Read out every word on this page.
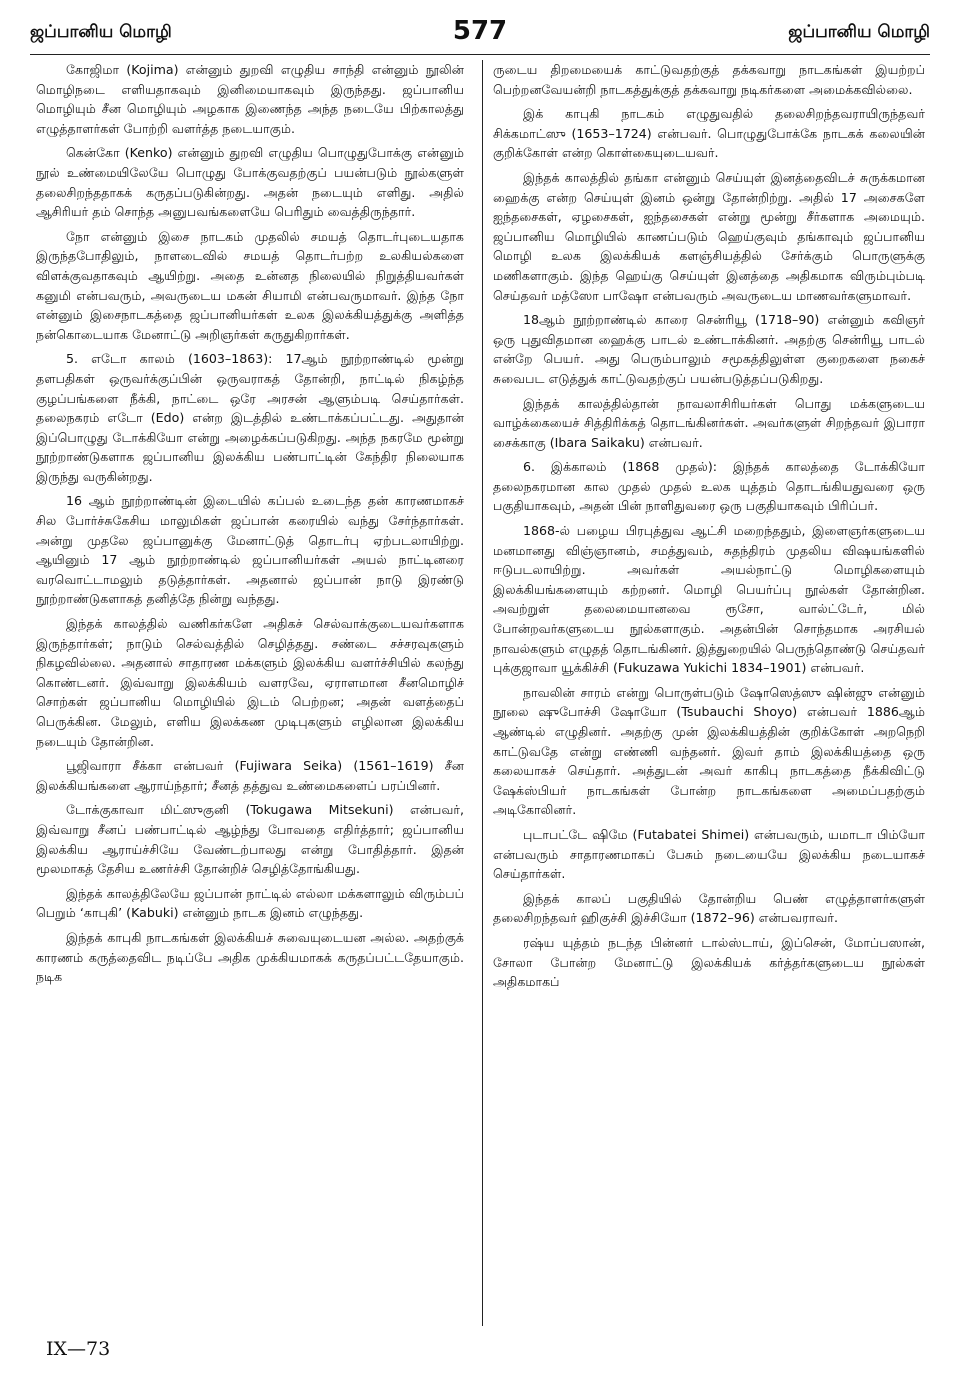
ஜப்பானிய மொழி	577	ஜப்பானிய மொழி

கோஜிமா (Kojima) என்னும் துறவி எழுதிய சாந்தி என்னும் நூலின் மொழிநடை எளியதாகவும் இனிமையாகவும் இருந்தது. ஜப்பானிய மொழியும் சீன மொழியும் அழகாக இணைந்த அந்த நடையே பிற்காலத்து எழுத்தாளர்கள் போற்றி வளர்த்த நடையாகும்.

கென்கோ (Kenko) என்னும் துறவி எழுதிய பொழுதுபோக்கு என்னும் நூல் உண்மையிலேயே பொழுது போக்குவதற்குப் பயன்படும் நூல்களுள் தலைசிறந்ததாகக் கருதப்படுகின்றது. அதன் நடையும் எளிது. அதில் ஆசிரியர் தம் சொந்த அனுபவங்களையே பெரிதும் வைத்திருந்தார்.

நோ என்னும் இசை நாடகம் முதலில் சமயத் தொடர்புடையதாக இருந்தபோதிலும், நாளடைவில் சமயத் தொடர்பற்ற உலகியல்களை விளக்குவதாகவும் ஆயிற்று. அதை உன்னத நிலையில் நிறுத்தியவர்கள் கனுமி என்பவரும், அவருடைய மகன் சியாமி என்பவருமாவர். இந்த நோ என்னும் இசைநாடகத்தை ஜப்பானியர்கள் உலக இலக்கியத்துக்கு அளித்த நன்கொடையாக மேனாட்டு அறிஞர்கள் கருதுகிறார்கள்.

5. எடோ காலம் (1603–1863): 17ஆம் நூற்றாண்டில் மூன்று தளபதிகள் ஒருவர்க்குப்பின் ஒருவராகத் தோன்றி, நாட்டில் நிகழ்ந்த குழப்பங்களை நீக்கி, நாட்டை ஒரே அரசன் ஆளும்படி செய்தார்கள். தலைநகரம் எடோ (Edo) என்ற இடத்தில் உண்டாக்கப்பட்டது. அதுதான் இப்பொழுது டோக்கியோ என்று அழைக்கப்படுகிறது. அந்த நகரமே மூன்று நூற்றாண்டுகளாக ஜப்பானிய இலக்கிய பண்பாட்டின் கேந்திர நிலையாக இருந்து வருகின்றது.

16 ஆம் நூற்றாண்டின் இடையில் கப்பல் உடைந்த தன் காரணமாகச் சில போர்ச்சுகேசிய மாலுமிகள் ஜப்பான் கரையில் வந்து சேர்ந்தார்கள். அன்று முதலே ஜப்பானுக்கு மேனாட்டுத் தொடர்பு ஏற்படலாயிற்று. ஆயினும் 17 ஆம் நூற்றாண்டில் ஜப்பானியர்கள் அயல் நாட்டினரை வரவொட்டாமலும் தடுத்தார்கள். அதனால் ஜப்பான் நாடு இரண்டு நூற்றாண்டுகளாகத் தனித்தே நின்று வந்தது.

இந்தக் காலத்தில் வணிகர்களே அதிகச் செல்வாக்குடையவர்களாக இருந்தார்கள்; நாடும் செல்வத்தில் செழித்தது. சண்டை சச்சரவுகளும் நிகழவில்லை. அதனால் சாதாரண மக்களும் இலக்கிய வளர்ச்சியில் கலந்து கொண்டனர். இவ்வாறு இலக்கியம் வளரவே, ஏராளமான சீனமொழிச் சொற்கள் ஜப்பானிய மொழியில் இடம் பெற்றன; அதன் வளத்தைப் பெருக்கின. மேலும், எளிய இலக்கண முடிபுகளும் எழிலான இலக்கிய நடையும் தோன்றின.

பூஜிவாரா சீக்கா என்பவர் (Fujiwara Seika) (1561–1619) சீன இலக்கியங்களை ஆராய்ந்தார்; சீனத் தத்துவ உண்மைகளைப் பரப்பினர்.

டோக்குகாவா மிட்ஸுகுனி (Tokugawa Mitsekuni) என்பவர், இவ்வாறு சீனப் பண்பாட்டில் ஆழ்ந்து போவதை எதிர்த்தார்; ஜப்பானிய இலக்கிய ஆராய்ச்சியே வேண்டற்பாலது என்று போதித்தார். இதன் மூலமாகத் தேசிய உணர்ச்சி தோன்றிச் செழித்தோங்கியது.

இந்தக் காலத்திலேயே ஜப்பான் நாட்டில் எல்லா மக்களாலும் விரும்பப் பெறும் ‘காபுகி’ (Kabuki) என்னும் நாடக இனம் எழுந்தது.

இந்தக் காபுகி நாடகங்கள் இலக்கியச் சுவையுடையன அல்ல. அதற்குக் காரணம் கருத்தைவிட நடிப்பே அதிக முக்கியமாகக் கருதப்பட்டதேயாகும். நடிக

ருடைய திறமையைக் காட்டுவதற்குத் தக்கவாறு நாடகங்கள் இயற்றப் பெற்றனவேயன்றி நாடகத்துக்குத் தக்கவாறு நடிகர்களை அமைக்கவில்லை.

இக் காபுகி நாடகம் எழுதுவதில் தலைசிறந்தவராயிருந்தவர் சிக்கமாட்ஸு (1653–1724) என்பவர். பொழுதுபோக்கே நாடகக் கலையின் குறிக்கோள் என்ற கொள்கையுடையவர்.

இந்தக் காலத்தில் தங்கா என்னும் செய்யுள் இனத்தைவிடச் சுருக்கமான ஹைக்கு என்ற செய்யுள் இனம் ஒன்று தோன்றிற்று. அதில் 17 அசைகளே ஐந்தசைகள், ஏழசைகள், ஐந்தசைகள் என்று மூன்று சீர்களாக அமையும். ஜப்பானிய மொழியில் காணப்படும் ஹெய்குவும் தங்காவும் ஜப்பானிய மொழி உலக இலக்கியக் களஞ்சியத்தில் சேர்க்கும் பொருளுக்கு மணிகளாகும். இந்த ஹெய்கு செய்யுள் இனத்தை அதிகமாக விரும்பும்படி செய்தவர் மத்ஸோ பாஷோ என்பவரும் அவருடைய மாணவர்களுமாவர்.

18ஆம் நூற்றாண்டில் காரை சென்ரியூ (1718–90) என்னும் கவிஞர் ஒரு புதுவிதமான ஹைக்கு பாடல் உண்டாக்கினர். அதற்கு சென்ரியூ பாடல் என்றே பெயர். அது பெரும்பாலும் சமூகத்திலுள்ள குறைகளை நகைச் சுவைபட எடுத்துக் காட்டுவதற்குப் பயன்படுத்தப்படுகிறது.

இந்தக் காலத்தில்தான் நாவலாசிரியர்கள் பொது மக்களுடைய வாழ்க்கையைச் சித்திரிக்கத் தொடங்கினர்கள். அவர்களுள் சிறந்தவர் இபாரா சைக்காகு (Ibara Saikaku) என்பவர்.

6. இக்காலம் (1868 முதல்): இந்தக் காலத்தை டோக்கியோ தலைநகரமான கால முதல் முதல் உலக யுத்தம் தொடங்கியதுவரை ஒரு பகுதியாகவும், அதன் பின் நாளிதுவரை ஒரு பகுதியாகவும் பிரிப்பர்.

1868-ல் பழைய பிரபுத்துவ ஆட்சி மறைந்ததும், இளைஞர்களுடைய மனமானது விஞ்ஞானம், சமத்துவம், சுதந்திரம் முதலிய விஷயங்களில் ஈடுபடலாயிற்று. அவர்கள் அயல்நாட்டு மொழிகளையும் இலக்கியங்களையும் கற்றனர். மொழி பெயர்ப்பு நூல்கள் தோன்றின. அவற்றுள் தலைமையானவை ரூசோ, வால்ட்டேர், மில் போன்றவர்களுடைய நூல்களாகும். அதன்பின் சொந்தமாக அரசியல் நாவல்களும் எழுதத் தொடங்கினர். இத்துறையில் பெருந்தொண்டு செய்தவர் புக்குஜாவா யூக்கிச்சி (Fukuzawa Yukichi 1834–1901) என்பவர்.

நாவலின் சாரம் என்று பொருள்படும் ஷோஸெத்ஸு ஷின்ஜு என்னும் நூலை ஷுபோச்சி ஷோயோ (Tsubauchi Shoyo) என்பவர் 1886ஆம் ஆண்டில் எழுதினர். அதற்கு முன் இலக்கியத்தின் குறிக்கோள் அறநெறி காட்டுவதே என்று எண்ணி வந்தனர். இவர் தாம் இலக்கியத்தை ஒரு கலையாகச் செய்தார். அத்துடன் அவர் காகிபு நாடகத்தை நீக்கிவிட்டு ஷேக்ஸ்பியர் நாடகங்கள் போன்ற நாடகங்களை அமைப்பதற்கும் அடிகோலினர்.

புடாபட்டே ஷிமே (Futabatei Shimei) என்பவரும், யமாடா பிம்யோ என்பவரும் சாதாரணமாகப் பேசும் நடையையே இலக்கிய நடையாகச் செய்தார்கள்.

இந்தக் காலப் பகுதியில் தோன்றிய பெண் எழுத்தாளர்களுள் தலைசிறந்தவர் ஹிகுச்சி இச்சியோ (1872–96) என்பவராவர்.

ரஷ்ய யுத்தம் நடந்த பின்னர் டால்ஸ்டாய், இப்சென், மோப்பஸான், சோலா போன்ற மேனாட்டு இலக்கியக் கர்த்தர்களுடைய நூல்கள் அதிகமாகப்

IX—73
